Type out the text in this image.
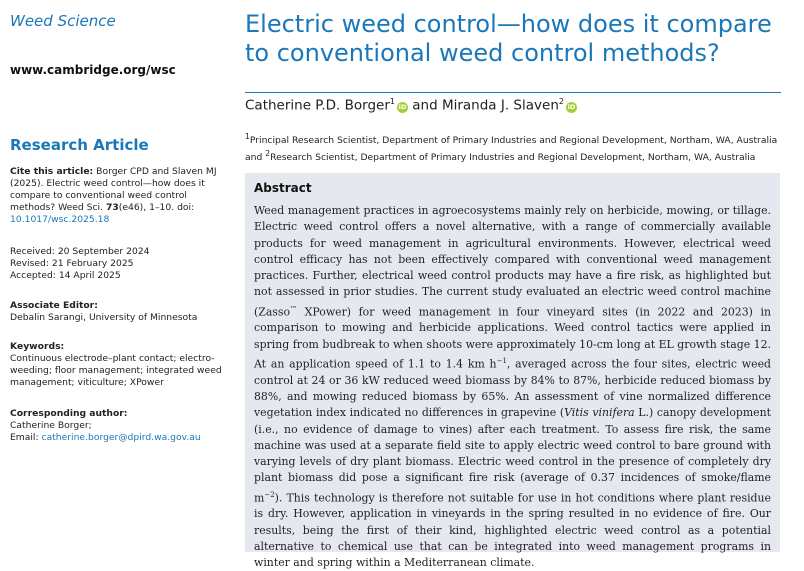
Weed Science
www.cambridge.org/wsc
Research Article
Cite this article: Borger CPD and Slaven MJ (2025). Electric weed control—how does it compare to conventional weed control methods? Weed Sci. 73(e46), 1–10. doi: 10.1017/wsc.2025.18
Received: 20 September 2024
Revised: 21 February 2025
Accepted: 14 April 2025
Associate Editor:
Debalin Sarangi, University of Minnesota
Keywords:
Continuous electrode–plant contact; electro-weeding; floor management; integrated weed management; viticulture; XPower
Corresponding author:
Catherine Borger;
Email: catherine.borger@dpird.wa.gov.au
Electric weed control—how does it compare to conventional weed control methods?
Catherine P.D. Borger$^1$iD and Miranda J. Slaven$^2$iD
$^1$Principal Research Scientist, Department of Primary Industries and Regional Development, Northam, WA, Australia
and $^2$Research Scientist, Department of Primary Industries and Regional Development, Northam, WA, Australia
Abstract
Weed management practices in agroecosystems mainly rely on herbicide, mowing, or tillage. Electric weed control offers a novel alternative, with a range of commercially available products for weed management in agricultural environments. However, electrical weed control efficacy has not been effectively compared with conventional weed management practices. Further, electrical weed control products may have a fire risk, as highlighted but not assessed in prior studies. The current study evaluated an electric weed control machine (Zasso™ XPower) for weed management in four vineyard sites (in 2022 and 2023) in comparison to mowing and herbicide applications. Weed control tactics were applied in spring from budbreak to when shoots were approximately 10-cm long at EL growth stage 12. At an application speed of 1.1 to 1.4 km $h^{-1}$, averaged across the four sites, electric weed control at 24 or 36 kW reduced weed biomass by 84% to 87%, herbicide reduced biomass by 88%, and mowing reduced biomass by 65%. An assessment of vine normalized difference vegetation index indicated no differences in grapevine (Vitis vinifera L.) canopy development (i.e., no evidence of damage to vines) after each treatment. To assess fire risk, the same machine was used at a separate field site to apply electric weed control to bare ground with varying levels of dry plant biomass. Electric weed control in the presence of completely dry plant biomass did pose a significant fire risk (average of 0.37 incidences of smoke/flame $m^{-2}$). This technology is therefore not suitable for use in hot conditions where plant residue is dry. However, application in vineyards in the spring resulted in no evidence of fire. Our results, being the first of their kind, highlighted electric weed control as a potential alternative to chemical use that can be integrated into weed management programs in winter and spring within a Mediterranean climate.
